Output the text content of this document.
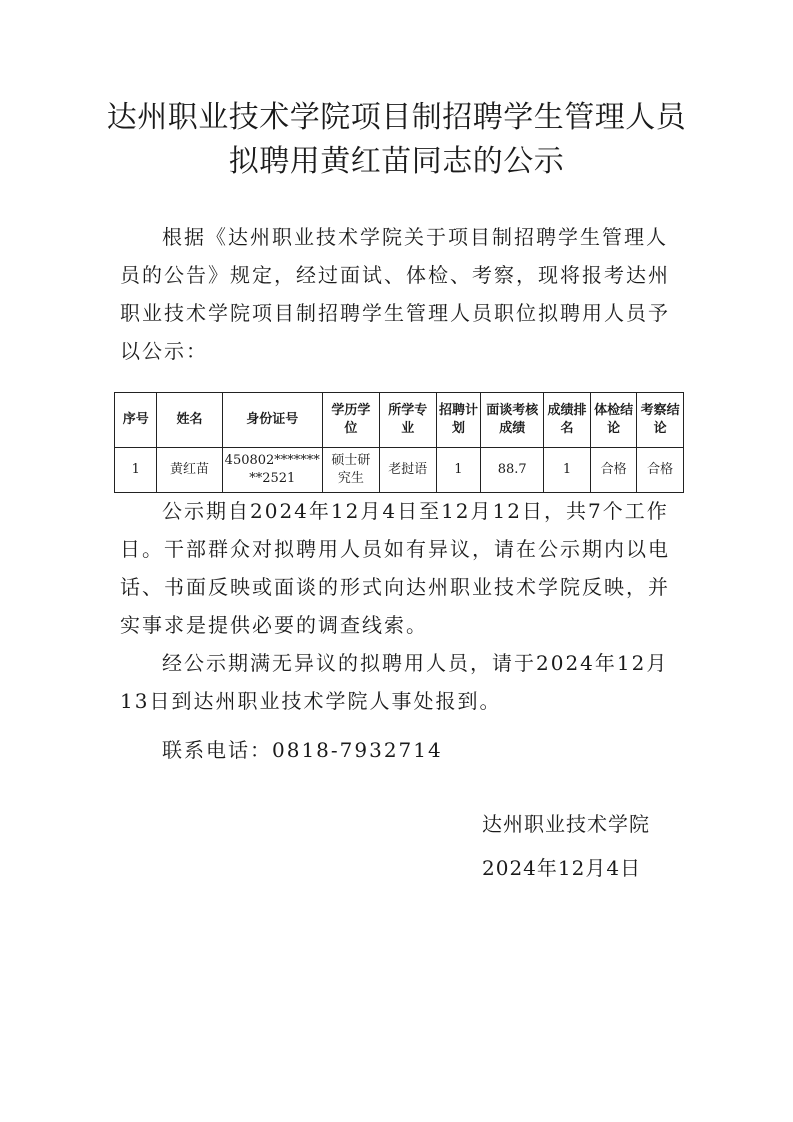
达州职业技术学院项目制招聘学生管理人员
拟聘用黄红苗同志的公示

根据《达州职业技术学院关于项目制招聘学生管理人员的公告》规定，经过面试、体检、考察，现将报考达州职业技术学院项目制招聘学生管理人员职位拟聘用人员予以公示：

序号	姓名	身份证号	学历学位	所学专业	招聘计划	面谈考核成绩	成绩排名	体检结论	考察结论
1	黄红苗	450802*********2521	硕士研究生	老挝语	1	88.7	1	合格	合格

公示期自2024年12月4日至12月12日，共7个工作日。干部群众对拟聘用人员如有异议，请在公示期内以电话、书面反映或面谈的形式向达州职业技术学院反映，并实事求是提供必要的调查线索。

经公示期满无异议的拟聘用人员，请于2024年12月13日到达州职业技术学院人事处报到。

联系电话：0818-7932714

达州职业技术学院
2024年12月4日
